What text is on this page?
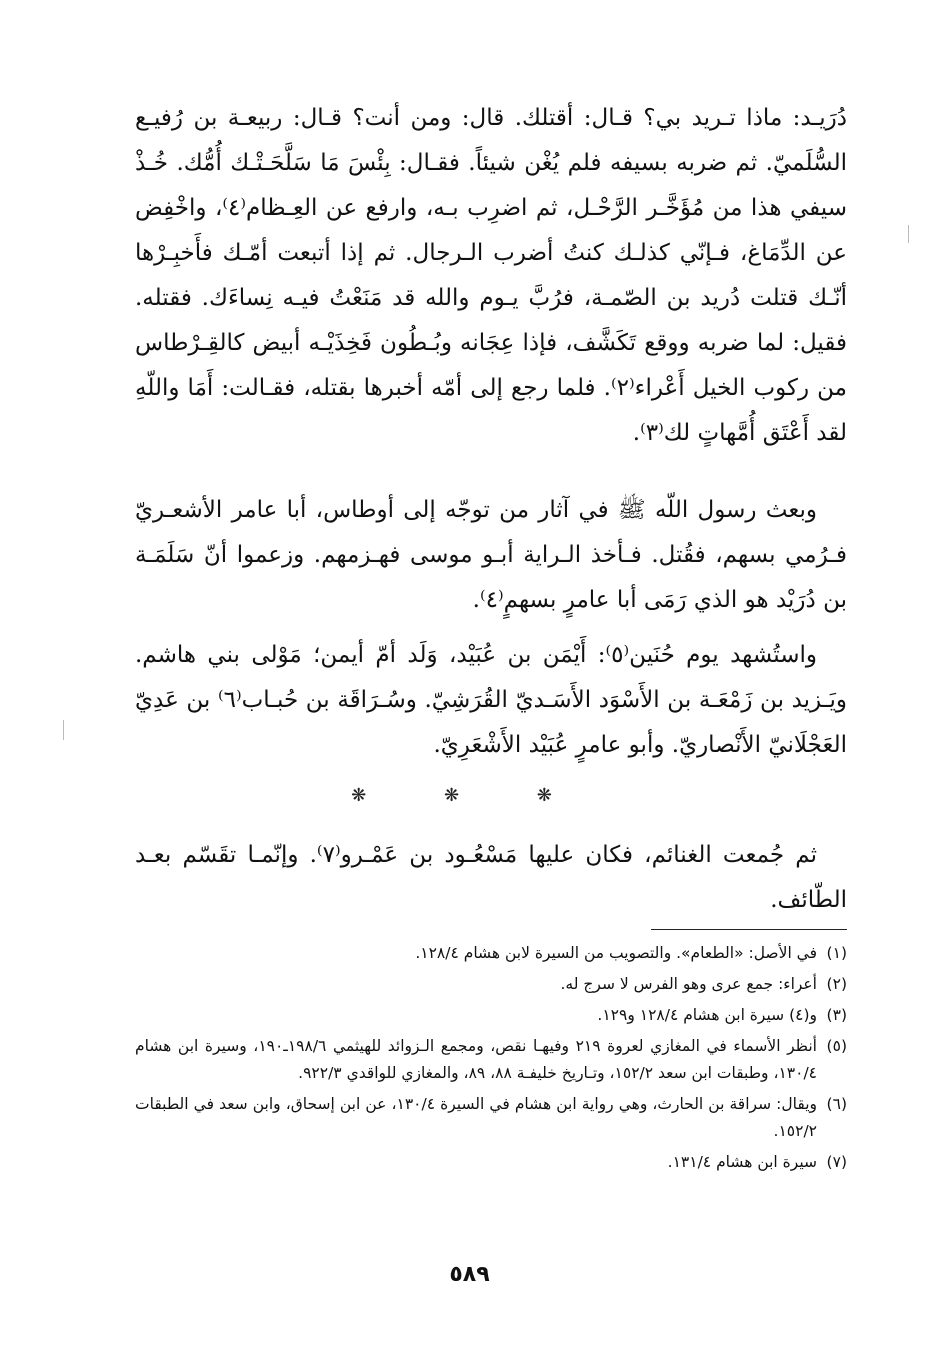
دُرَيـد: ماذا تـريد بي؟ قـال: أقتلك. قال: ومن أنت؟ قـال: ربيعـة بن رُفيـع السُّلَميّ. ثم ضربه بسيفه فلم يُغْن شيئاً. فقـال: بِئْسَ مَا سَلَّحَـتْـك أُمُّك. خُـذْ سيفي هذا من مُؤَخَّـر الرَّحْـل، ثم اضرِب بـه، وارفع عن العِـظام⁽٤⁾، واخْفِض عن الدِّمَاغ، فـإنّي كذلـك كنتُ أضرب الـرجال. ثم إذا أتبعت أمّـك فأَخبِـرْها أنّـك قتلت دُريد بن الصّمـة، فرُبَّ يـوم والله قد مَنَعْتُ فيـه نِساءَك. فقتله. فقيل: لما ضربه ووقع تَكَشَّف، فإذا عِجَانه وبُـطُون فَخِذَيْـه أبيض كالقِـرْطاس من ركوب الخيل أَعْراء⁽٢⁾. فلما رجع إلى أمّه أخبرها بقتله، فقـالت: أَمَا واللّهِ لقد أَعْتَق أُمَّهاتٍ لك⁽٣⁾.

وبعث رسول اللّه ﷺ في آثار من توجّه إلى أوطاس، أبا عامر الأشعـريّ فـرُمي بسهم، فقُتل. فـأخذ الـراية أبـو موسى فهـزمهم. وزعموا أنّ سَلَمَـة بن دُرَيْد هو الذي رَمَى أبا عامرٍ بسهمٍ⁽٤⁾.

واستُشهد يوم حُنَين⁽٥⁾: أَيْمَن بن عُبَيْد، وَلَد أمّ أيمن؛ مَوْلى بني هاشم. ويَـزيد بن زَمْعَـة بن الأَسْوَد الأَسَـديّ القُرَشِيّ. وسُـرَاقَة بن حُبـاب⁽٦⁾ بن عَدِيّ العَجْلَانيّ الأَنْصاريّ. وأبو عامرٍ عُبَيْد الأَشْعَرِيّ.

❋ ❋ ❋

ثم جُمعت الغنائم، فكان عليها مَسْعُـود بن عَمْـرو⁽٧⁾. وإنّمـا تقَسّم بعـد الطّائف.

(١)
في الأصل: «الطعام». والتصويب من السيرة لابن هشام ١٢٨/٤.
(٢)
أعراء: جمع عرى وهو الفرس لا سرج له.
(٣)
و(٤) سيرة ابن هشام ١٢٨/٤ و١٢٩.
(٥)
أنظر الأسماء في المغازي لعروة ٢١٩ وفيهـا نقص، ومجمع الـزوائد للهيثمي ١٩٨/٦ـ١٩٠، وسيرة ابن هشام ١٣٠/٤، وطبقات ابن سعد ١٥٢/٢، وتـاريخ خليفـة ٨٨، ٨٩، والمغازي للواقدي ٩٢٢/٣.
(٦)
ويقال: سراقة بن الحارث، وهي رواية ابن هشام في السيرة ١٣٠/٤، عن ابن إسحاق، وابن سعد في الطبقات ١٥٢/٢.
(٧)
سيرة ابن هشام ١٣١/٤.
٥٨٩
